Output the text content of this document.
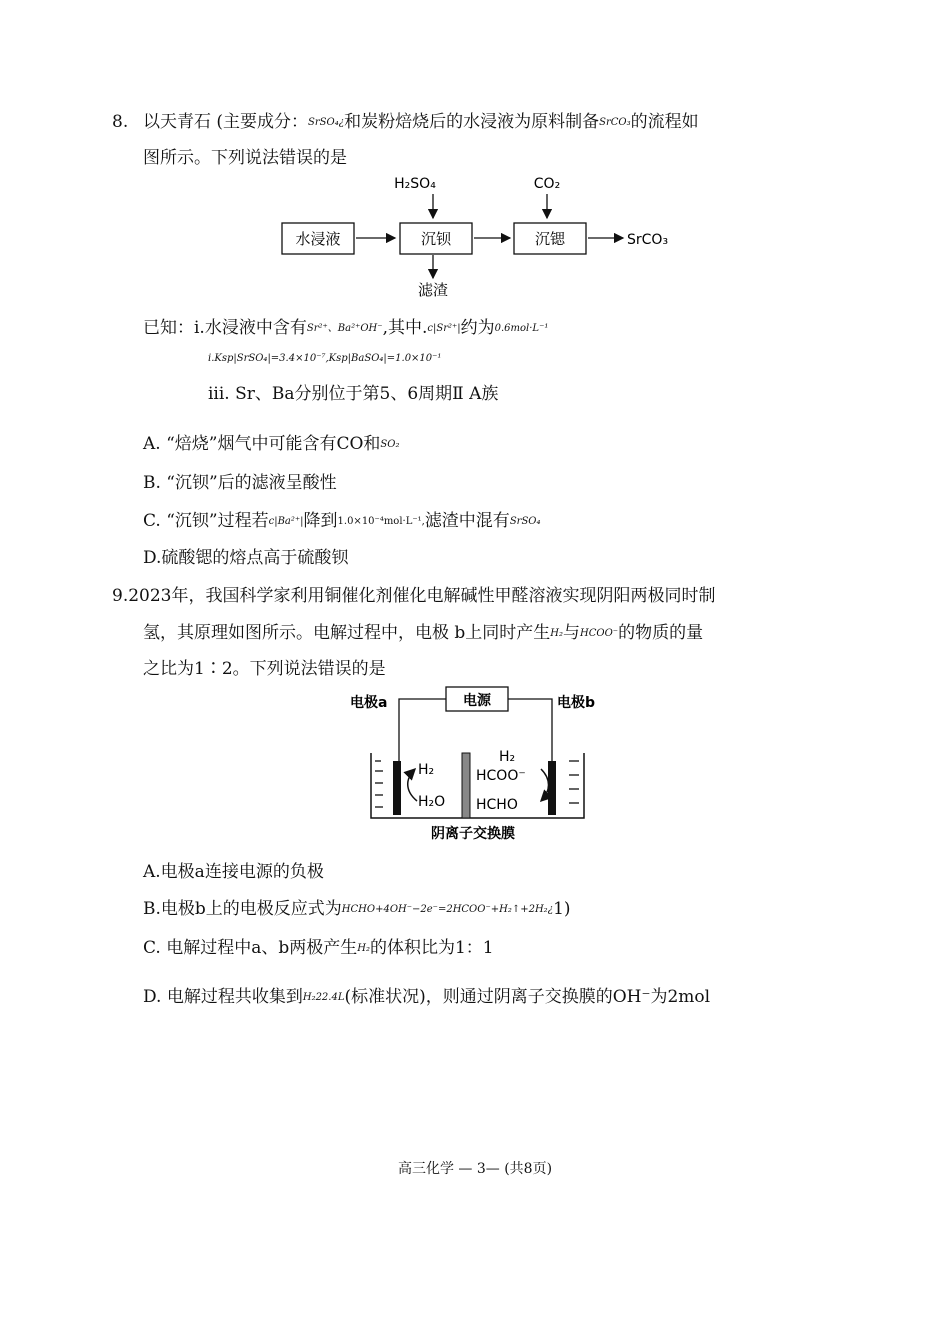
8. 以天青石 (主要成分：SrSO₄¿和炭粉焙烧后的水浸液为原料制备SrCO₃的流程如
图所示。下列说法错误的是
H₂SO₄	CO₂
水浸液	沉钡	沉锶	SrCO₃
滤渣
已知：i.水浸液中含有Sr²⁺、Ba²⁺OH⁻,其中.c|Sr²⁺|约为0.6mol·L⁻¹
i.Ksp|SrSO₄|=3.4×10⁻⁷,Ksp|BaSO₄|=1.0×10⁻¹
iii. Sr、Ba分别位于第5、6周期Ⅱ A族
A. “焙烧”烟气中可能含有CO和SO₂
B. “沉钡”后的滤液呈酸性
C. “沉钡”过程若c|Ba²⁺|降到1.0×10⁻⁴mol·L⁻¹,滤渣中混有SrSO₄
D.硫酸锶的熔点高于硫酸钡
9.2023年，我国科学家利用铜催化剂催化电解碱性甲醛溶液实现阴阳两极同时制
氢，其原理如图所示。电解过程中，电极 b上同时产生H₂与HCOO⁻的物质的量
之比为1∶2。下列说法错误的是
电极a	电极b
电源
H₂
H₂O
H₂
HCOO⁻
HCHO
阴离子交换膜
A.电极a连接电源的负极
B.电极b上的电极反应式为HCHO+4OH⁻−2e⁻=2HCOO⁻+H₂↑+2H₂¿1)
C. 电解过程中a、b两极产生H₂的体积比为1：1
D. 电解过程共收集到H₂22.4L(标准状况)，则通过阴离子交换膜的OH⁻为2mol
高三化学 — 3— (共8页)
